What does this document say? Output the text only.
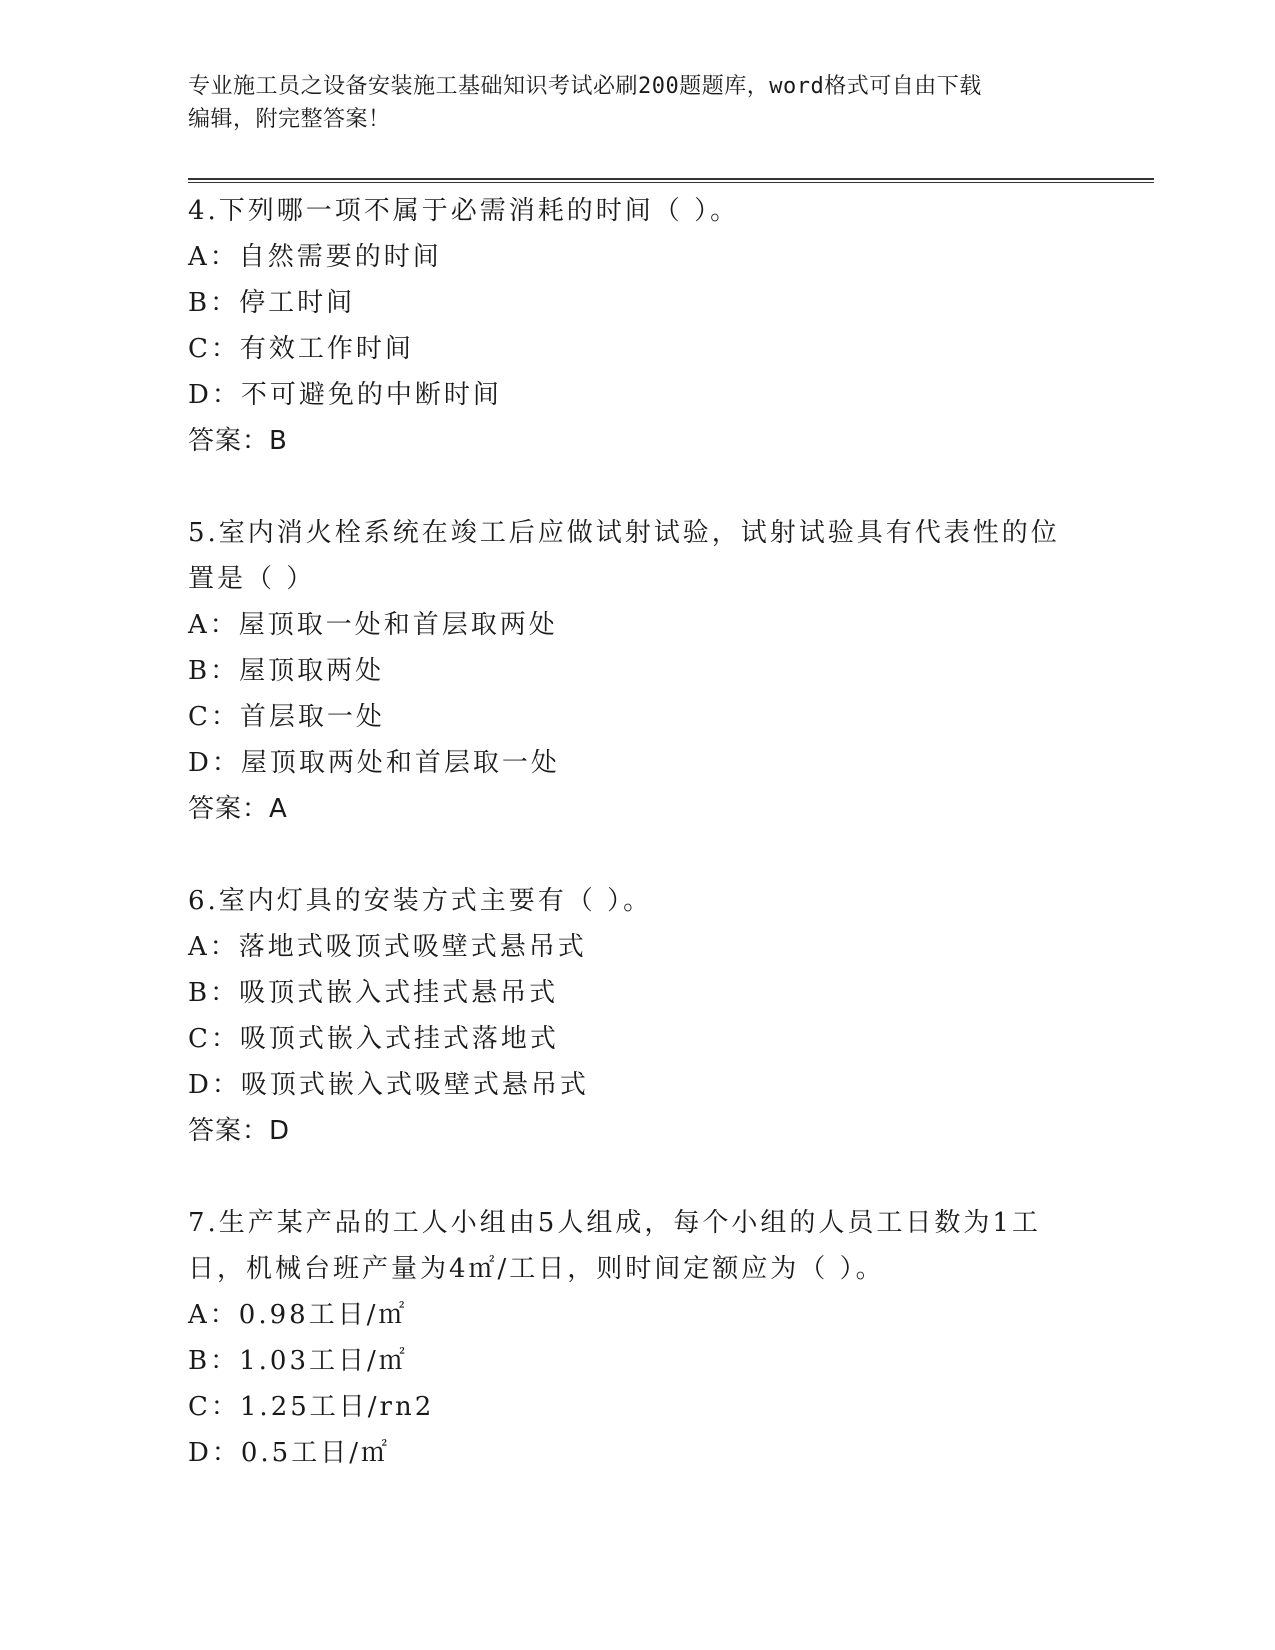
专业施工员之设备安装施工基础知识考试必刷200题题库，word格式可自由下载
编辑，附完整答案！
4.下列哪一项不属于必需消耗的时间（ ）。
A：自然需要的时间
B：停工时间
C：有效工作时间
D：不可避免的中断时间
答案：B
5.室内消火栓系统在竣工后应做试射试验，试射试验具有代表性的位
置是（ ）
A：屋顶取一处和首层取两处
B：屋顶取两处
C：首层取一处
D：屋顶取两处和首层取一处
答案：A
6.室内灯具的安装方式主要有（ ）。
A：落地式吸顶式吸壁式悬吊式
B：吸顶式嵌入式挂式悬吊式
C：吸顶式嵌入式挂式落地式
D：吸顶式嵌入式吸壁式悬吊式
答案：D
7.生产某产品的工人小组由5人组成，每个小组的人员工日数为1工
日，机械台班产量为4㎡/工日，则时间定额应为（ ）。
A：0.98工日/㎡
B：1.03工日/㎡
C：1.25工日/rn2
D：0.5工日/㎡
